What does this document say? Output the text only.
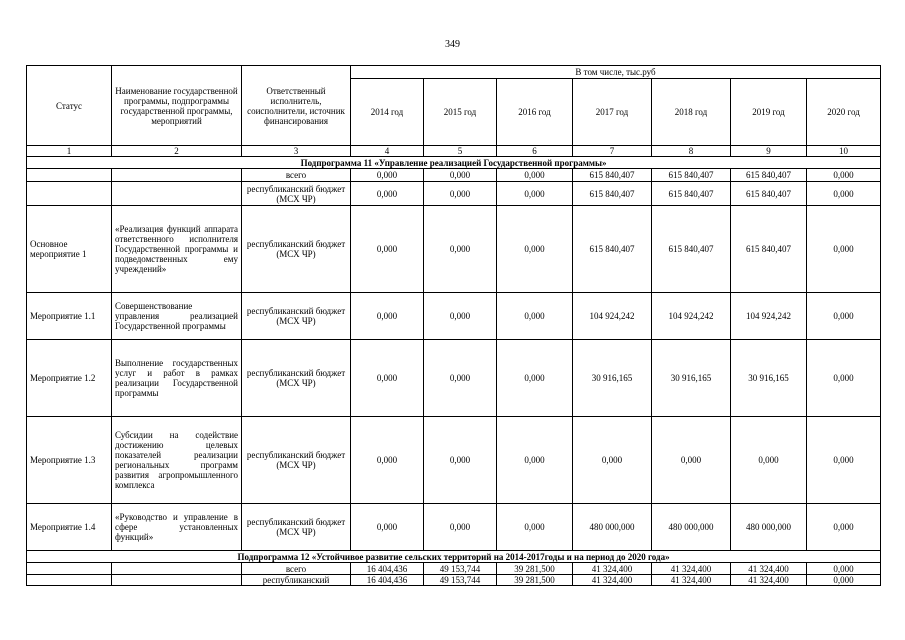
349
Статус	Наименование государственной программы, подпрограммы государственной программы, мероприятий	Ответственный исполнитель, соисполнители, источник финансирования	В том числе, тыс.руб						
			2014 год	2015 год	2016 год	2017 год	2018 год	2019 год	2020 год
1	2	3	4	5	6	7	8	9	10
Подпрограмма 11 «Управление реализацией Государственной программы»									
		всего	0,000	0,000	0,000	615 840,407	615 840,407	615 840,407	0,000
		республиканский бюджет (МСХ ЧР)	0,000	0,000	0,000	615 840,407	615 840,407	615 840,407	0,000
Основное мероприятие 1	«Реализация функций аппарата ответственного исполнителя Государственной программы и подведомственных ему учреждений»	республиканский бюджет (МСХ ЧР)	0,000	0,000	0,000	615 840,407	615 840,407	615 840,407	0,000
Мероприятие 1.1	Совершенствование управления реализацией Государственной программы	республиканский бюджет (МСХ ЧР)	0,000	0,000	0,000	104 924,242	104 924,242	104 924,242	0,000
Мероприятие 1.2	Выполнение государственных услуг и работ в рамках реализации Государственной программы	республиканский бюджет (МСХ ЧР)	0,000	0,000	0,000	30 916,165	30 916,165	30 916,165	0,000
Мероприятие 1.3	Субсидии на содействие достижению целевых показателей реализации региональных программ развития агропромышленного комплекса	республиканский бюджет (МСХ ЧР)	0,000	0,000	0,000	0,000	0,000	0,000	0,000
Мероприятие 1.4	«Руководство и управление в сфере установленных функций»	республиканский бюджет (МСХ ЧР)	0,000	0,000	0,000	480 000,000	480 000,000	480 000,000	0,000
Подпрограмма 12 «Устойчивое развитие сельских территорий на 2014-2017годы и на период до 2020 года»									
		всего	16 404,436	49 153,744	39 281,500	41 324,400	41 324,400	41 324,400	0,000
		республиканский	16 404,436	49 153,744	39 281,500	41 324,400	41 324,400	41 324,400	0,000
